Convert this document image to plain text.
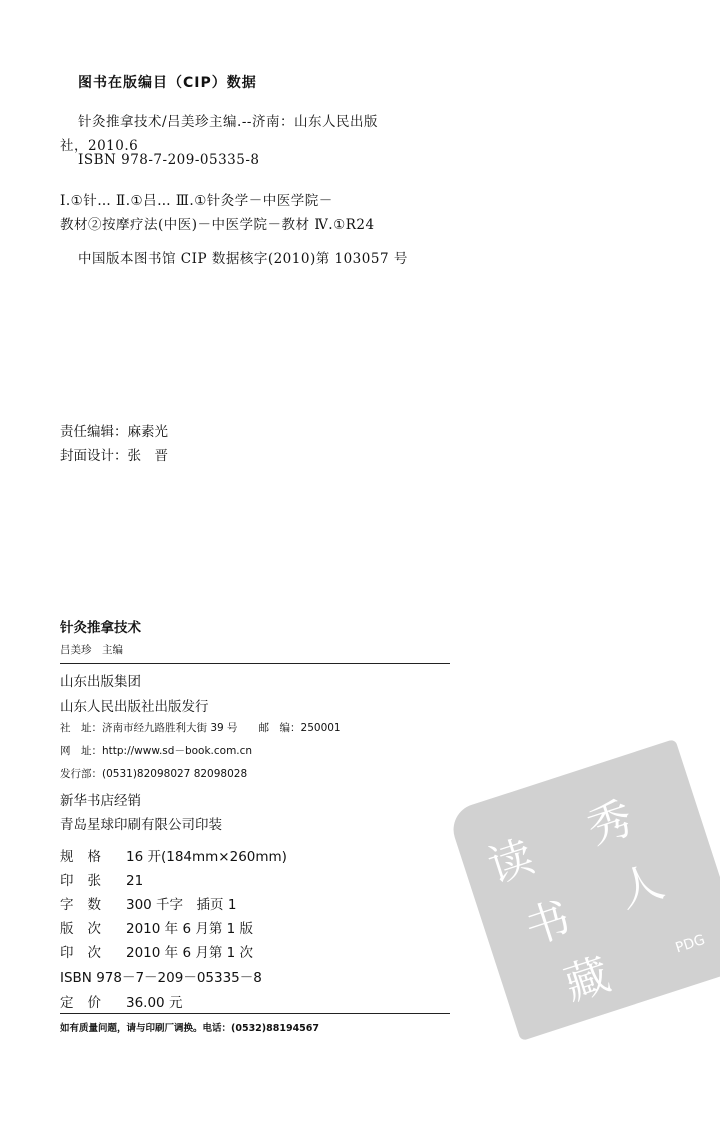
图书在版编目（CIP）数据
针灸推拿技术/吕美珍主编.--济南：山东人民出版
社，2010.6
ISBN 978-7-209-05335-8
Ⅰ.①针… Ⅱ.①吕… Ⅲ.①针灸学－中医学院－
教材②按摩疗法(中医)－中医学院－教材 Ⅳ.①R24
中国版本图书馆 CIP 数据核字(2010)第 103057 号
责任编辑：麻素光
封面设计：张　晋
针灸推拿技术
吕美珍　主编
山东出版集团
山东人民出版社出版发行
社　址：济南市经九路胜利大街 39 号　　邮　编：250001
网　址：http://www.sd－book.com.cn
发行部：(0531)82098027 82098028
新华书店经销
青岛星球印刷有限公司印装
规格 16 开(184mm×260mm)
印张 21
字数 300 千字　插页 1
版次 2010 年 6 月第 1 版
印次 2010 年 6 月第 1 次
ISBN 978－7－209－05335－8
定价 36.00 元
如有质量问题，请与印刷厂调换。电话：(0532)88194567
读
秀
书
人
藏
PDG
